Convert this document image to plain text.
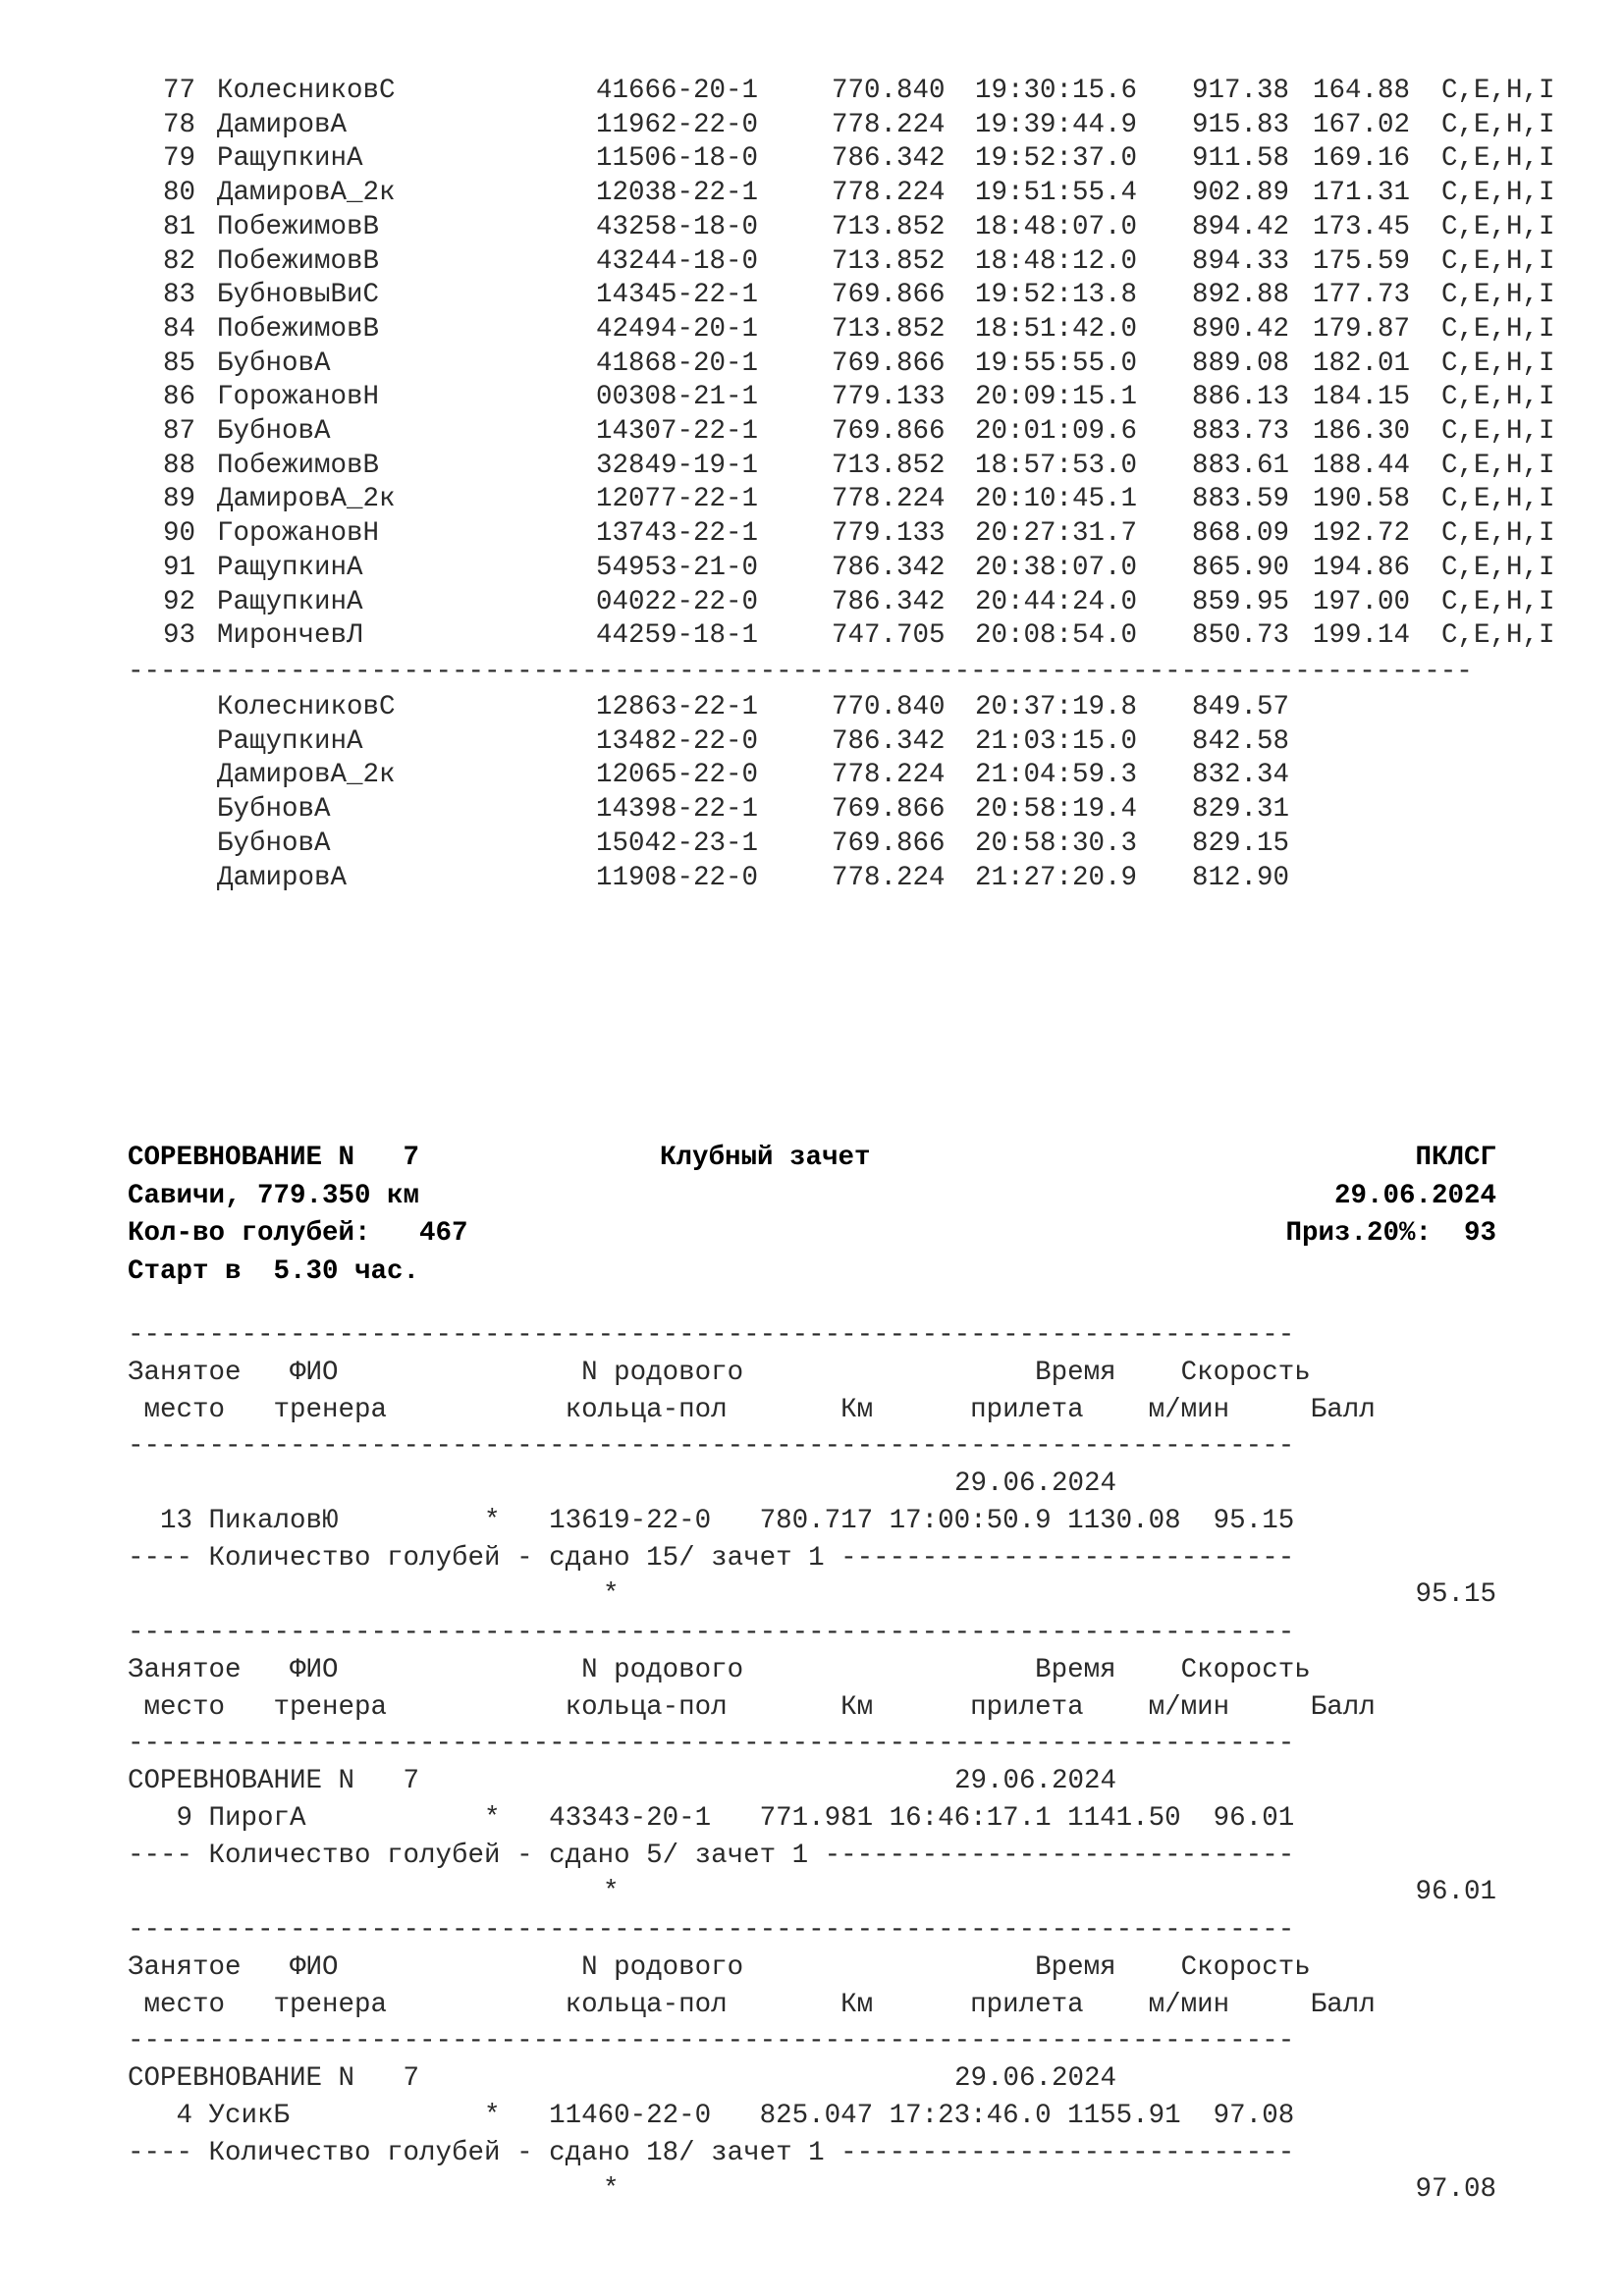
77 КолесниковС	41666-20-1	770.840 19:30:15.6 917.38 164.88 C,E,H,I
78 ДамировА	11962-22-0	778.224 19:39:44.9 915.83 167.02 C,E,H,I
79 РащупкинА	11506-18-0	786.342 19:52:37.0 911.58 169.16 C,E,H,I
80 ДамировА_2к	12038-22-1	778.224 19:51:55.4 902.89 171.31 C,E,H,I
81 ПобежимовВ	43258-18-0	713.852 18:48:07.0 894.42 173.45 C,E,H,I
82 ПобежимовВ	43244-18-0	713.852 18:48:12.0 894.33 175.59 C,E,H,I
83 БубновыВиС	14345-22-1	769.866 19:52:13.8 892.88 177.73 C,E,H,I
84 ПобежимовВ	42494-20-1	713.852 18:51:42.0 890.42 179.87 C,E,H,I
85 БубновА	41868-20-1	769.866 19:55:55.0 889.08 182.01 C,E,H,I
86 ГорожановН	00308-21-1	779.133 20:09:15.1 886.13 184.15 C,E,H,I
87 БубновА	14307-22-1	769.866 20:01:09.6 883.73 186.30 C,E,H,I
88 ПобежимовВ	32849-19-1	713.852 18:57:53.0 883.61 188.44 C,E,H,I
89 ДамировА_2к	12077-22-1	778.224 20:10:45.1 883.59 190.58 C,E,H,I
90 ГорожановН	13743-22-1	779.133 20:27:31.7 868.09 192.72 C,E,H,I
91 РащупкинА	54953-21-0	786.342 20:38:07.0 865.90 194.86 C,E,H,I
92 РащупкинА	04022-22-0	786.342 20:44:24.0 859.95 197.00 C,E,H,I
93 МирончевЛ	44259-18-1	747.705 20:08:54.0 850.73 199.14 C,E,H,I
-----------------------------------------------------------------------------------
КолесниковС	12863-22-1	770.840 20:37:19.8 849.57
РащупкинА	13482-22-0	786.342 21:03:15.0 842.58
ДамировА_2к	12065-22-0	778.224 21:04:59.3 832.34
БубновА	14398-22-1	769.866 20:58:19.4 829.31
БубновА	15042-23-1	769.866 20:58:30.3 829.15
ДамировА	11908-22-0	778.224 21:27:20.9 812.90
СОРЕВНОВАНИЕ N   7	Клубный зачет	ПКЛСГ
Савичи, 779.350 км	29.06.2024
Кол-во голубей:   467	Приз.20%:  93
Старт в  5.30 час.
------------------------------------------------------------------------
Занятое   ФИО               N родового                  Время    Скорость
место   тренера           кольца-пол       Км      прилета    м/мин     Балл
------------------------------------------------------------------------
29.06.2024
13 ПикаловЮ         *   13619-22-0   780.717 17:00:50.9 1130.08  95.15
---- Количество голубей - сдано 15/ зачет 1 ----------------------------
*	95.15
------------------------------------------------------------------------
Занятое   ФИО               N родового                  Время    Скорость
место   тренера           кольца-пол       Км      прилета    м/мин     Балл
------------------------------------------------------------------------
СОРЕВНОВАНИЕ N   7	29.06.2024
9 ПирогА           *   43343-20-1   771.981 16:46:17.1 1141.50  96.01
---- Количество голубей - сдано 5/ зачет 1 -----------------------------
*	96.01
------------------------------------------------------------------------
Занятое   ФИО               N родового                  Время    Скорость
место   тренера           кольца-пол       Км      прилета    м/мин     Балл
------------------------------------------------------------------------
СОРЕВНОВАНИЕ N   7	29.06.2024
4 УсикБ            *   11460-22-0   825.047 17:23:46.0 1155.91  97.08
---- Количество голубей - сдано 18/ зачет 1 ----------------------------
*	97.08
